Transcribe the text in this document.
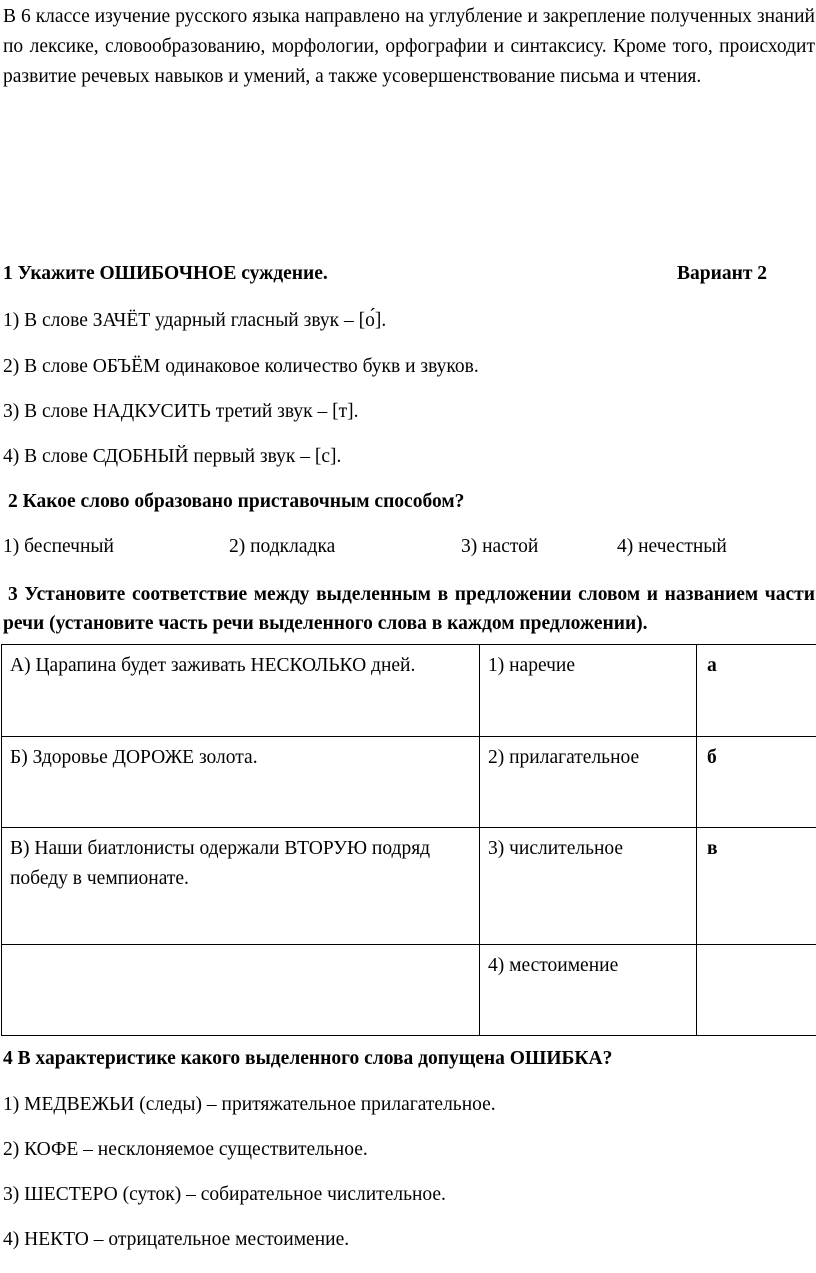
В 6 классе изучение русского языка направлено на углубление и закрепление полученных знаний по лексике, словообразованию, морфологии, орфографии и синтаксису. Кроме того, происходит развитие речевых навыков и умений, а также усовершенствование письма и чтения.
1 Укажите ОШИБОЧНОЕ суждение.	Вариант 2
1) В слове ЗАЧЁТ ударный гласный звук – [о́].
2) В слове ОБЪЁМ одинаковое количество букв и звуков.
3) В слове НАДКУСИТЬ третий звук – [т].
4) В слове СДОБНЫЙ первый звук – [с].
2 Какое слово образовано приставочным способом?
1) беспечный	2) подкладка	3) настой	4) нечестный
3 Установите соответствие между выделенным в предложении словом и названием части речи (установите часть речи выделенного слова в каждом предложении).
А) Царапина будет заживать НЕСКОЛЬКО дней.	1) наречие	а
Б) Здоровье ДОРОЖЕ золота.	2) прилагательное	б
В) Наши биатлонисты одержали ВТОРУЮ подряд победу в чемпионате.	3) числительное	в
	4) местоимение	
4 В характеристике какого выделенного слова допущена ОШИБКА?
1) МЕДВЕЖЬИ (следы) – притяжательное прилагательное.
2) КОФЕ – несклоняемое существительное.
3) ШЕСТЕРО (суток) – собирательное числительное.
4) НЕКТО – отрицательное местоимение.
